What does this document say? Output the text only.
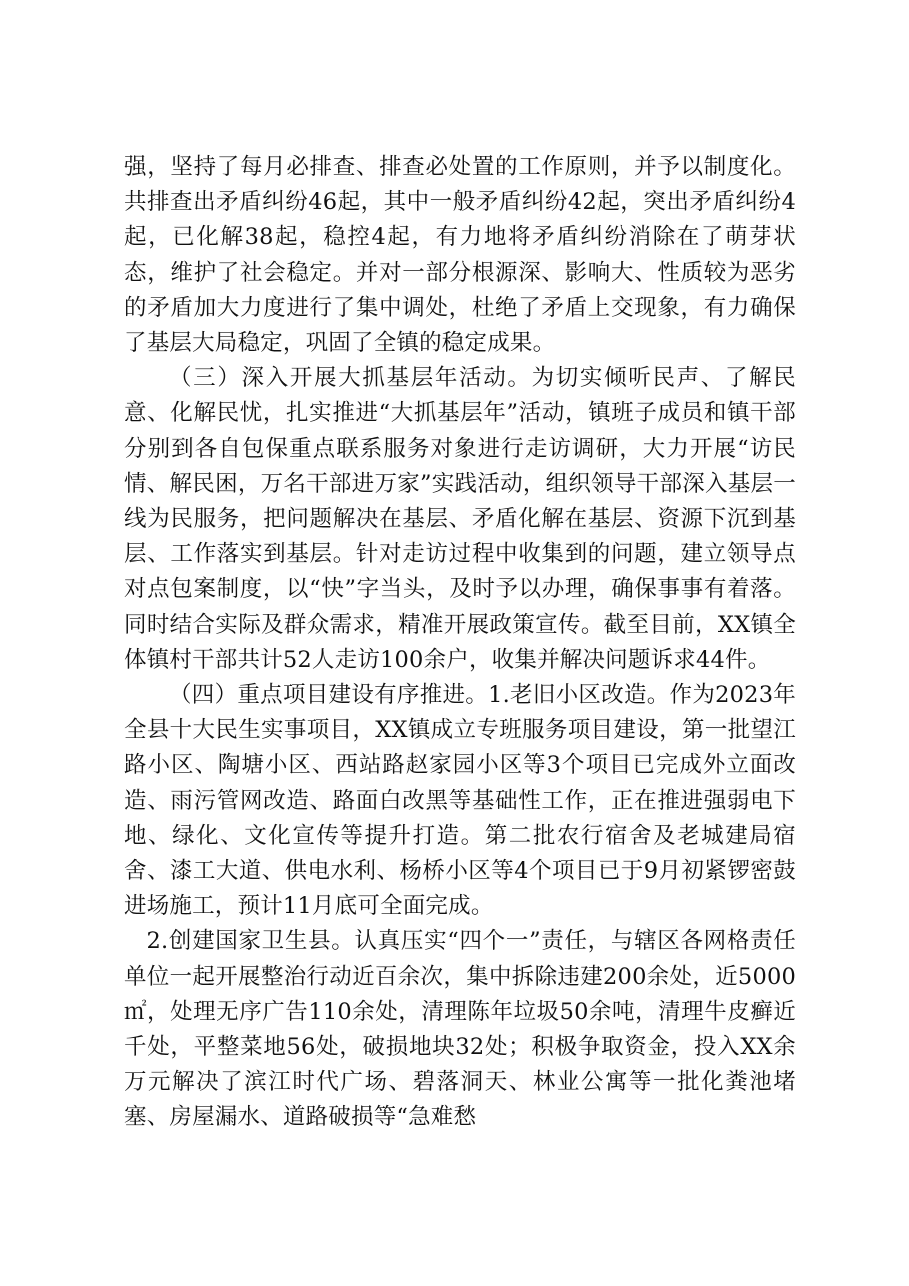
强，坚持了每月必排查、排查必处置的工作原则，并予以制度化。共排查出矛盾纠纷46起，其中一般矛盾纠纷42起，突出矛盾纠纷4起，已化解38起，稳控4起，有力地将矛盾纠纷消除在了萌芽状态，维护了社会稳定。并对一部分根源深、影响大、性质较为恶劣的矛盾加大力度进行了集中调处，杜绝了矛盾上交现象，有力确保了基层大局稳定，巩固了全镇的稳定成果。

（三）深入开展大抓基层年活动。为切实倾听民声、了解民意、化解民忧，扎实推进“大抓基层年”活动，镇班子成员和镇干部分别到各自包保重点联系服务对象进行走访调研，大力开展“访民情、解民困，万名干部进万家”实践活动，组织领导干部深入基层一线为民服务，把问题解决在基层、矛盾化解在基层、资源下沉到基层、工作落实到基层。针对走访过程中收集到的问题，建立领导点对点包案制度，以“快”字当头，及时予以办理，确保事事有着落。同时结合实际及群众需求，精准开展政策宣传。截至目前，XX镇全体镇村干部共计52人走访100余户，收集并解决问题诉求44件。

（四）重点项目建设有序推进。1.老旧小区改造。作为2023年全县十大民生实事项目，XX镇成立专班服务项目建设，第一批望江路小区、陶塘小区、西站路赵家园小区等3个项目已完成外立面改造、雨污管网改造、路面白改黑等基础性工作，正在推进强弱电下地、绿化、文化宣传等提升打造。第二批农行宿舍及老城建局宿舍、漆工大道、供电水利、杨桥小区等4个项目已于9月初紧锣密鼓进场施工，预计11月底可全面完成。

2.创建国家卫生县。认真压实“四个一”责任，与辖区各网格责任单位一起开展整治行动近百余次，集中拆除违建200余处，近5000㎡，处理无序广告110余处，清理陈年垃圾50余吨，清理牛皮癣近千处，平整菜地56处，破损地块32处；积极争取资金，投入XX余万元解决了滨江时代广场、碧落洞天、林业公寓等一批化粪池堵塞、房屋漏水、道路破损等“急难愁
